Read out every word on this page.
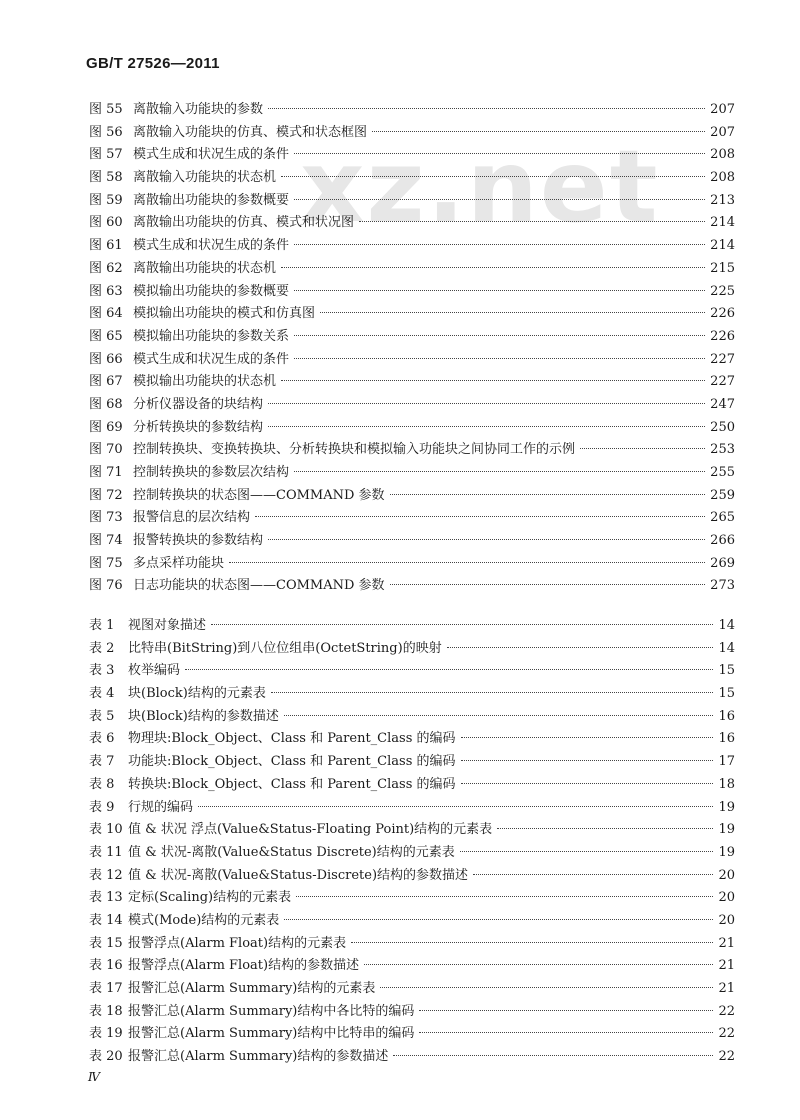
GB/T 27526—2011
xz.net
图 55 离散输入功能块的参数	207
图 56 离散输入功能块的仿真、模式和状态框图	207
图 57 模式生成和状况生成的条件	208
图 58 离散输入功能块的状态机	208
图 59 离散输出功能块的参数概要	213
图 60 离散输出功能块的仿真、模式和状况图	214
图 61 模式生成和状况生成的条件	214
图 62 离散输出功能块的状态机	215
图 63 模拟输出功能块的参数概要	225
图 64 模拟输出功能块的模式和仿真图	226
图 65 模拟输出功能块的参数关系	226
图 66 模式生成和状况生成的条件	227
图 67 模拟输出功能块的状态机	227
图 68 分析仪器设备的块结构	247
图 69 分析转换块的参数结构	250
图 70 控制转换块、变换转换块、分析转换块和模拟输入功能块之间协同工作的示例	253
图 71 控制转换块的参数层次结构	255
图 72 控制转换块的状态图——COMMAND 参数	259
图 73 报警信息的层次结构	265
图 74 报警转换块的参数结构	266
图 75 多点采样功能块	269
图 76 日志功能块的状态图——COMMAND 参数	273
表 1	视图对象描述	14
表 2	比特串(BitString)到八位位组串(OctetString)的映射	14
表 3	枚举编码	15
表 4	块(Block)结构的元素表	15
表 5	块(Block)结构的参数描述	16
表 6	物理块:Block_Object、Class 和 Parent_Class 的编码	16
表 7	功能块:Block_Object、Class 和 Parent_Class 的编码	17
表 8	转换块:Block_Object、Class 和 Parent_Class 的编码	18
表 9	行规的编码	19
表 10 值 & 状况 浮点(Value&Status-Floating Point)结构的元素表	19
表 11 值 & 状况-离散(Value&Status Discrete)结构的元素表	19
表 12 值 & 状况-离散(Value&Status-Discrete)结构的参数描述	20
表 13 定标(Scaling)结构的元素表	20
表 14 模式(Mode)结构的元素表	20
表 15 报警浮点(Alarm Float)结构的元素表	21
表 16 报警浮点(Alarm Float)结构的参数描述	21
表 17 报警汇总(Alarm Summary)结构的元素表	21
表 18 报警汇总(Alarm Summary)结构中各比特的编码	22
表 19 报警汇总(Alarm Summary)结构中比特串的编码	22
表 20 报警汇总(Alarm Summary)结构的参数描述	22
Ⅳ
